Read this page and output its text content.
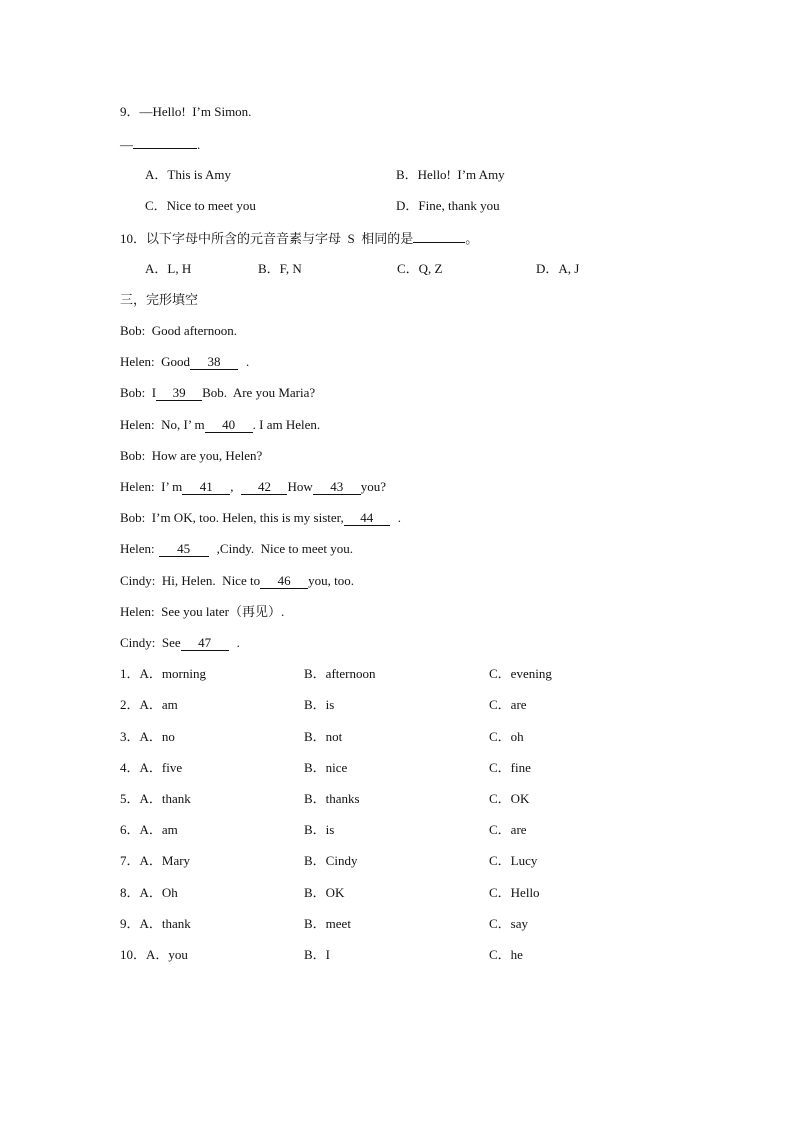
9．—Hello!  I’m Simon.
—	.
A．This is Amy	B．Hello!  I’m Amy
C．Nice to meet you	D．Fine, thank you
10．以下字母中所含的元音音素与字母  S  相同的是	。
A．L, H	B．F, N	C．Q, Z	D．A, J
三，完形填空
Bob:  Good afternoon.
Helen:  Good 38 .
Bob:  I 39 Bob.  Are you Maria?
Helen:  No, I’ m 40 . I am Helen.
Bob:  How are you, Helen?
Helen:  I’ m 41 , 42 How 43 you?
Bob:  I’m OK, too. Helen, this is my sister, 44 .
Helen: 45 ,Cindy.  Nice to meet you.
Cindy:  Hi, Helen.  Nice to 46 you, too.
Helen:  See you later（再见）.
Cindy:  See 47 .
1．A．morning	B．afternoon	C．evening
2．A．am	B．is	C．are
3．A．no	B．not	C．oh
4．A．five	B．nice	C．fine
5．A．thank	B．thanks	C．OK
6．A．am	B．is	C．are
7．A．Mary	B．Cindy	C．Lucy
8．A．Oh	B．OK	C．Hello
9．A．thank	B．meet	C．say
10．A．you	B．I	C．he
